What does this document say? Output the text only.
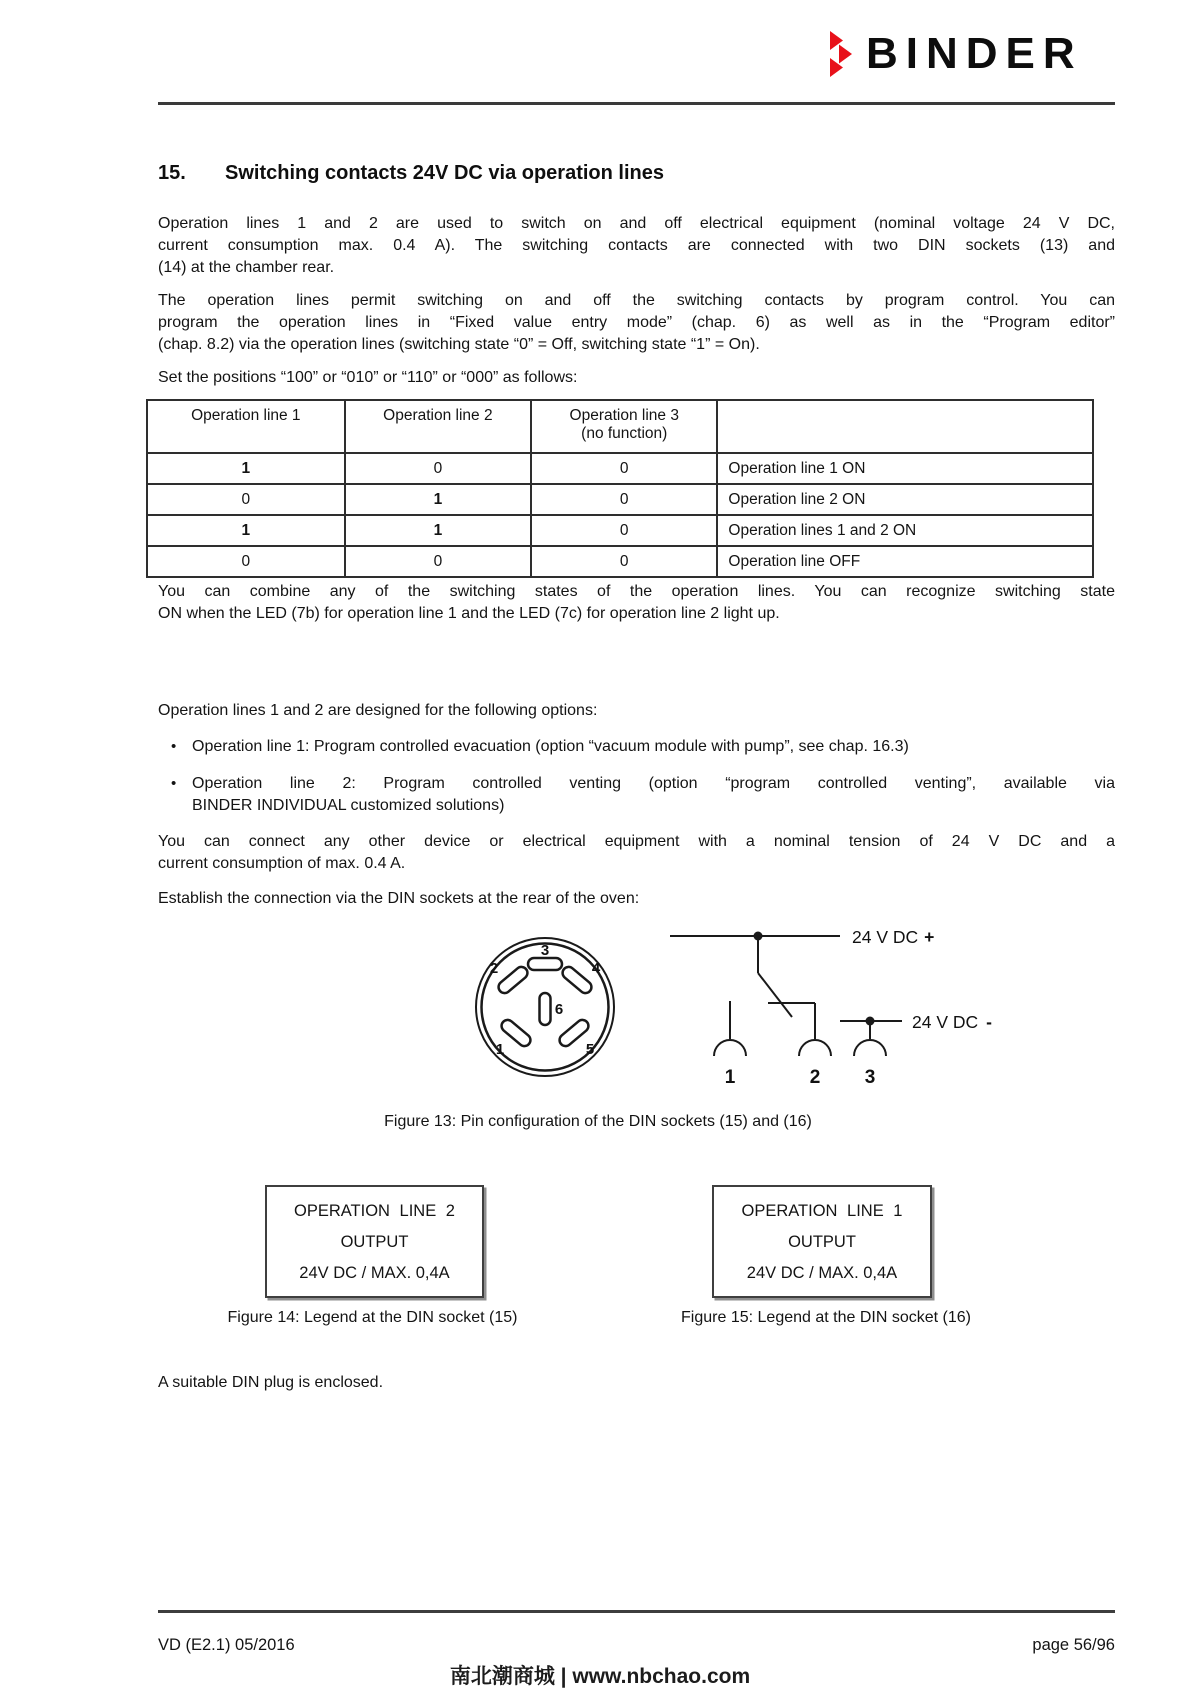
BINDER
15.	Switching contacts 24V DC via operation lines
Operation lines 1 and 2 are used to switch on and off electrical equipment (nominal voltage 24 V DC,
current consumption max. 0.4 A). The switching contacts are connected with two DIN sockets (13) and
(14) at the chamber rear.
The operation lines permit switching on and off the switching contacts by program control. You can
program the operation lines in “Fixed value entry mode” (chap. 6) as well as in the “Program editor”
(chap. 8.2) via the operation lines (switching state “0” = Off, switching state “1” = On).
Set the positions “100” or “010” or “110” or “000” as follows:
Operation line 1	Operation line 2	Operation line 3
(no function)	

1	0	0	Operation line 1 ON
0	1	0	Operation line 2 ON
1	1	0	Operation lines 1 and 2 ON
0	0	0	Operation line OFF
You can combine any of the switching states of the operation lines. You can recognize switching state
ON when the LED (7b) for operation line 1 and the LED (7c) for operation line 2 light up.
Operation lines 1 and 2 are designed for the following options:
• Operation line 1: Program controlled evacuation (option “vacuum module with pump”, see chap. 16.3)
• Operation line 2: Program controlled venting (option “program controlled venting”, available via
BINDER INDIVIDUAL customized solutions)
You can connect any other device or electrical equipment with a nominal tension of 24 V DC and a
current consumption of max. 0.4 A.
Establish the connection via the DIN sockets at the rear of the oven:
3
2	4
6
1	5
24 V DC +
24 V DC -
1	2 3
Figure 13: Pin configuration of the DIN sockets (15) and (16)
OPERATION LINE 2
OUTPUT
24V DC / MAX. 0,4A
OPERATION LINE 1
OUTPUT
24V DC / MAX. 0,4A
Figure 14: Legend at the DIN socket (15)	Figure 15: Legend at the DIN socket (16)
A suitable DIN plug is enclosed.
VD (E2.1) 05/2016	page 56/96
南北潮商城 | www.nbchao.com
